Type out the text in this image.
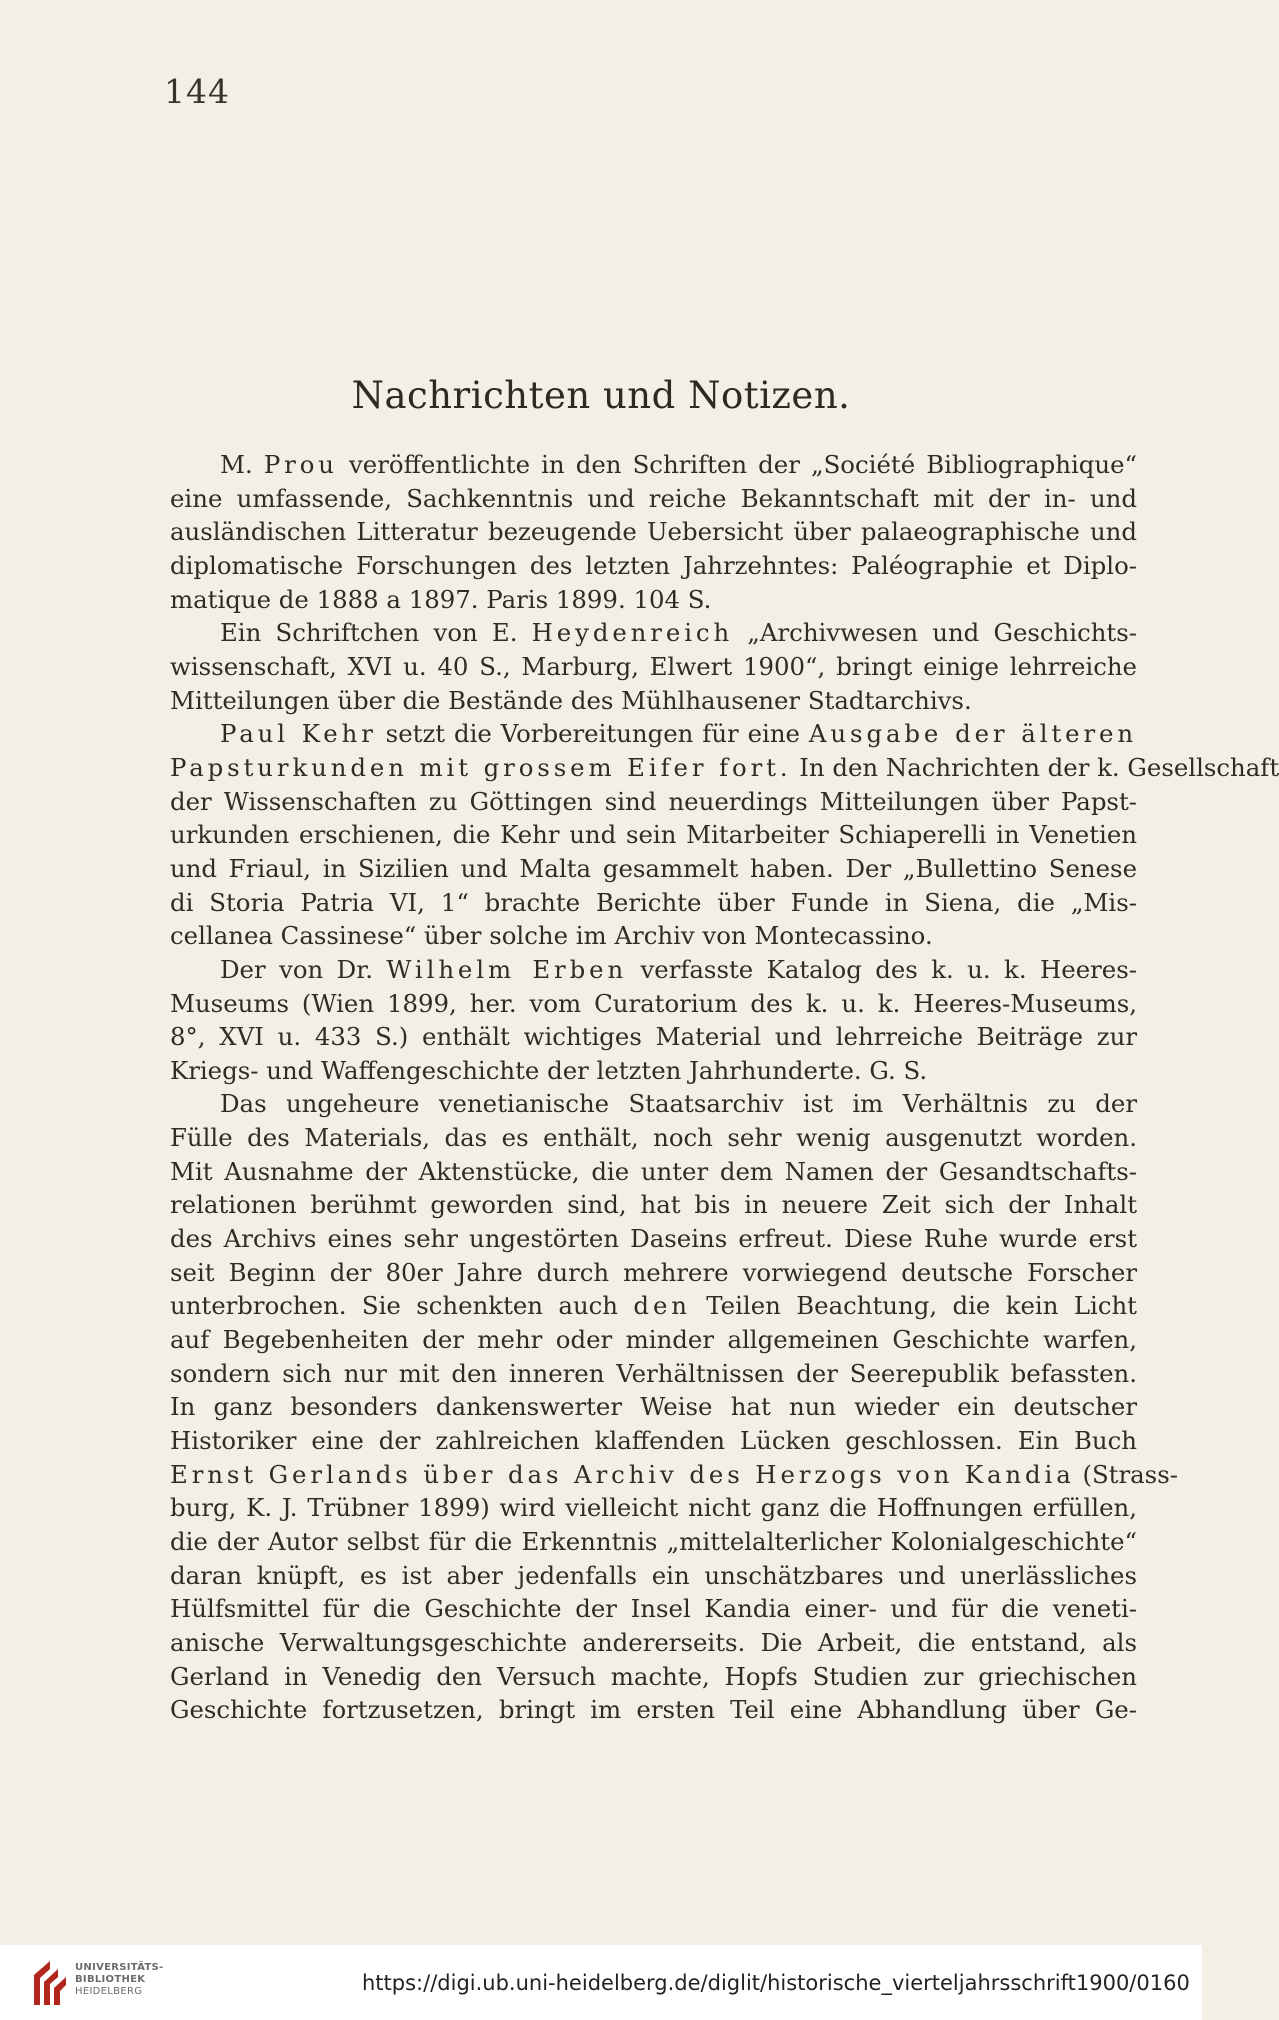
144
Nachrichten und Notizen.
M. Prou veröffentlichte in den Schriften der „Société Bibliographique“
eine umfassende, Sachkenntnis und reiche Bekanntschaft mit der in- und
ausländischen Litteratur bezeugende Uebersicht über palaeographische und
diplomatische Forschungen des letzten Jahrzehntes: Paléographie et Diplo-
matique de 1888 a 1897. Paris 1899. 104 S.
Ein Schriftchen von E. Heydenreich „Archivwesen und Geschichts-
wissenschaft, XVI u. 40 S., Marburg, Elwert 1900“, bringt einige lehrreiche
Mitteilungen über die Bestände des Mühlhausener Stadtarchivs.
Paul Kehr setzt die Vorbereitungen für eine Ausgabe der älteren
Papsturkunden mit grossem Eifer fort. In den Nachrichten der k. Gesellschaft
der Wissenschaften zu Göttingen sind neuerdings Mitteilungen über Papst-
urkunden erschienen, die Kehr und sein Mitarbeiter Schiaperelli in Venetien
und Friaul, in Sizilien und Malta gesammelt haben. Der „Bullettino Senese
di Storia Patria VI, 1“ brachte Berichte über Funde in Siena, die „Mis-
cellanea Cassinese“ über solche im Archiv von Montecassino.
Der von Dr. Wilhelm Erben verfasste Katalog des k. u. k. Heeres-
Museums (Wien 1899, her. vom Curatorium des k. u. k. Heeres-Museums,
8°, XVI u. 433 S.) enthält wichtiges Material und lehrreiche Beiträge zur
Kriegs- und Waffengeschichte der letzten Jahrhunderte. G. S.
Das ungeheure venetianische Staatsarchiv ist im Verhältnis zu der
Fülle des Materials, das es enthält, noch sehr wenig ausgenutzt worden.
Mit Ausnahme der Aktenstücke, die unter dem Namen der Gesandtschafts-
relationen berühmt geworden sind, hat bis in neuere Zeit sich der Inhalt
des Archivs eines sehr ungestörten Daseins erfreut. Diese Ruhe wurde erst
seit Beginn der 80er Jahre durch mehrere vorwiegend deutsche Forscher
unterbrochen. Sie schenkten auch den Teilen Beachtung, die kein Licht
auf Begebenheiten der mehr oder minder allgemeinen Geschichte warfen,
sondern sich nur mit den inneren Verhältnissen der Seerepublik befassten.
In ganz besonders dankenswerter Weise hat nun wieder ein deutscher
Historiker eine der zahlreichen klaffenden Lücken geschlossen. Ein Buch
Ernst Gerlands über das Archiv des Herzogs von Kandia (Strass-
burg, K. J. Trübner 1899) wird vielleicht nicht ganz die Hoffnungen erfüllen,
die der Autor selbst für die Erkenntnis „mittelalterlicher Kolonialgeschichte“
daran knüpft, es ist aber jedenfalls ein unschätzbares und unerlässliches
Hülfsmittel für die Geschichte der Insel Kandia einer- und für die veneti-
anische Verwaltungsgeschichte andererseits. Die Arbeit, die entstand, als
Gerland in Venedig den Versuch machte, Hopfs Studien zur griechischen
Geschichte fortzusetzen, bringt im ersten Teil eine Abhandlung über Ge-
UNIVERSITÄTS-
BIBLIOTHEK
HEIDELBERG	https://digi.ub.uni-heidelberg.de/diglit/historische_vierteljahrsschrift1900/0160
